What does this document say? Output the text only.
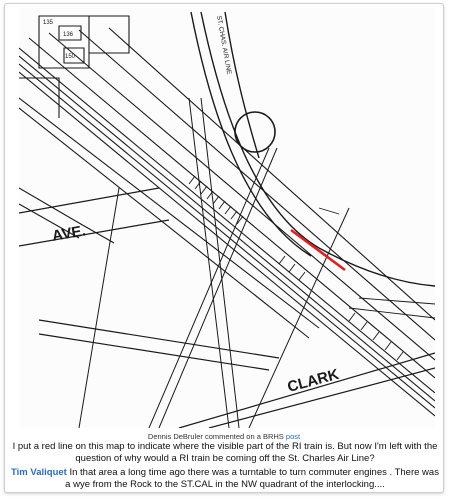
AVE.
CLARK
ST. CHAS. AIR LINE
135
136
150
Dennis DeBruler commented on a BRHS post
I put a red line on this map to indicate where the visible part of the RI train is. But now I'm left with the question of why would a RI train be coming off the St. Charles Air Line?
Tim Valiquet In that area a long time ago there was a turntable to turn commuter engines . There was a wye from the Rock to the ST.CAL in the NW quadrant of the interlocking....
